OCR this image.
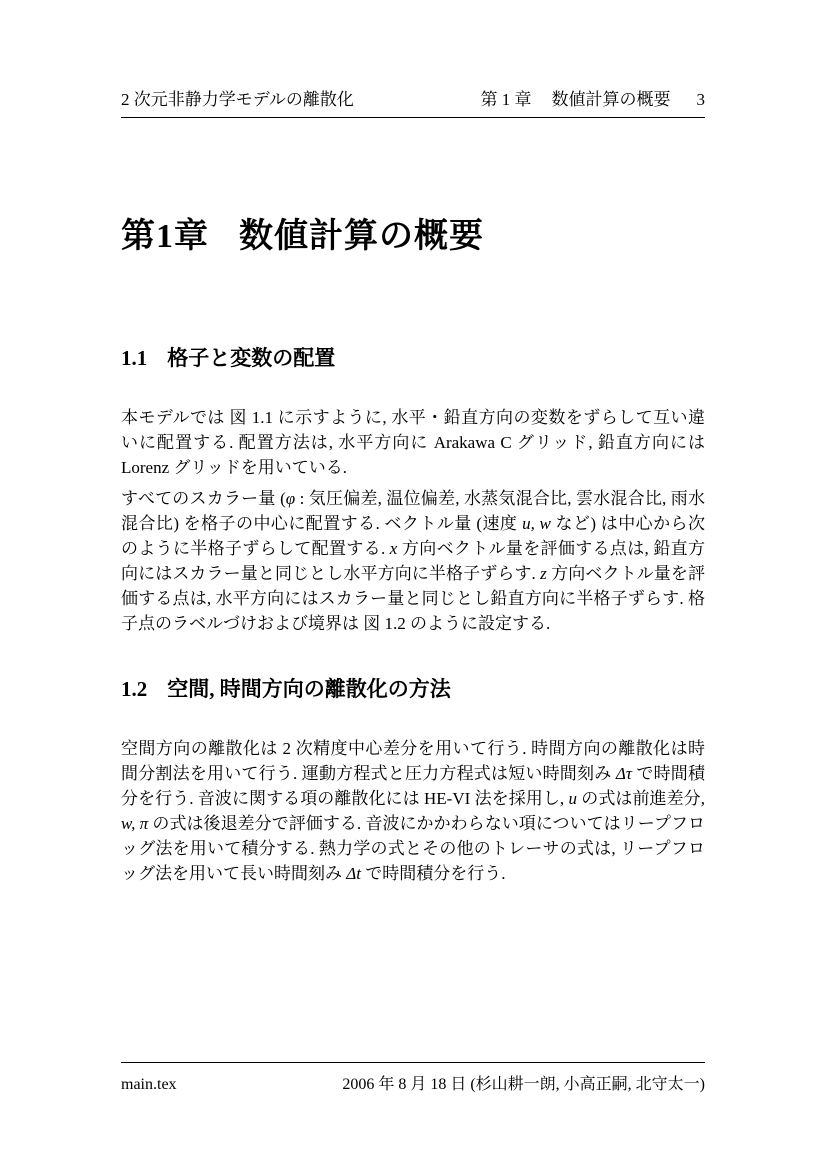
2 次元非静力学モデルの離散化	第 1 章 数値計算の概要 3
第1章 数値計算の概要
1.1 格子と変数の配置

本モデルでは 図 1.1 に示すように, 水平・鉛直方向の変数をずらして互い違いに配置する. 配置方法は, 水平方向に Arakawa C グリッド, 鉛直方向には Lorenz グリッドを用いている.

すべてのスカラー量 (φ : 気圧偏差, 温位偏差, 水蒸気混合比, 雲水混合比, 雨水混合比) を格子の中心に配置する. ベクトル量 (速度 u, w など) は中心から次のように半格子ずらして配置する. x 方向ベクトル量を評価する点は, 鉛直方向にはスカラー量と同じとし水平方向に半格子ずらす. z 方向ベクトル量を評価する点は, 水平方向にはスカラー量と同じとし鉛直方向に半格子ずらす. 格子点のラベルづけおよび境界は 図 1.2 のように設定する.

1.2 空間, 時間方向の離散化の方法

空間方向の離散化は 2 次精度中心差分を用いて行う. 時間方向の離散化は時間分割法を用いて行う. 運動方程式と圧力方程式は短い時間刻み Δτ で時間積分を行う. 音波に関する項の離散化には HE-VI 法を採用し, u の式は前進差分, w, π の式は後退差分で評価する. 音波にかかわらない項についてはリープフロッグ法を用いて積分する. 熱力学の式とその他のトレーサの式は, リープフロッグ法を用いて長い時間刻み Δt で時間積分を行う.

main.tex	2006 年 8 月 18 日 (杉山耕一朗, 小高正嗣, 北守太一)
